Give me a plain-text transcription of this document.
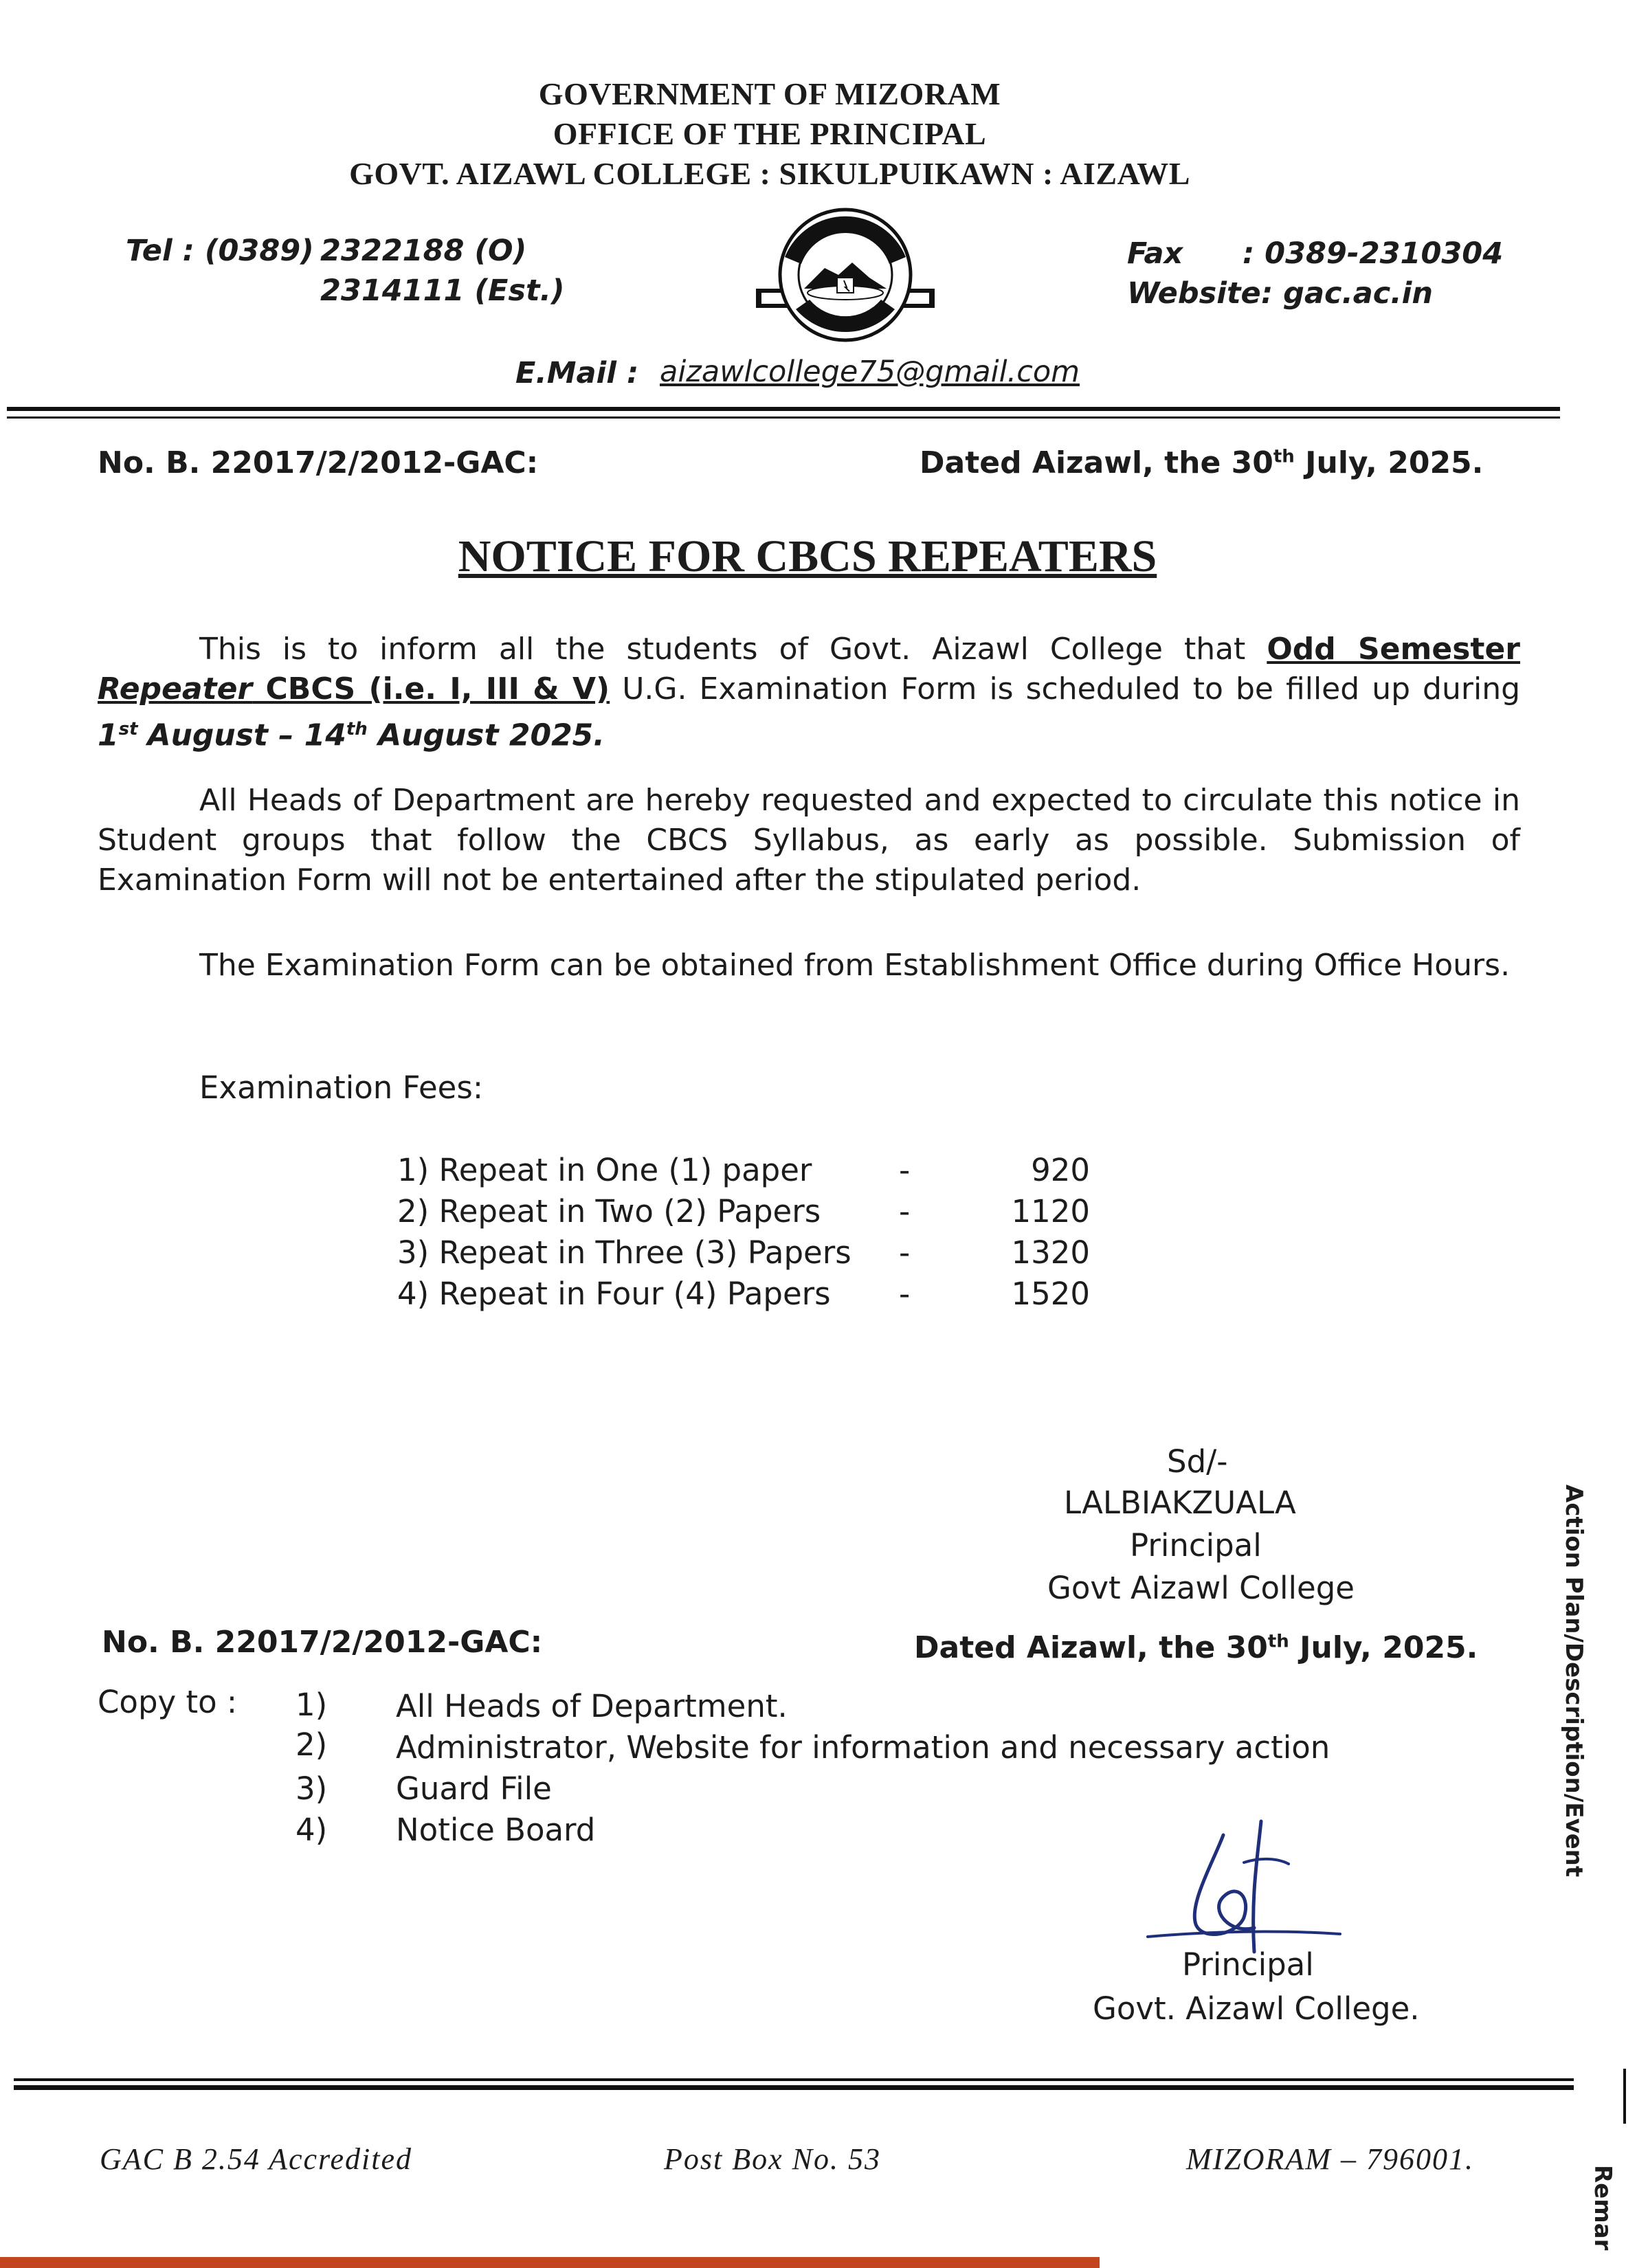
GOVERNMENT OF MIZORAM
OFFICE OF THE PRINCIPAL
GOVT. AIZAWL COLLEGE : SIKULPUIKAWN : AIZAWL
Tel : (0389) 2322188 (O)
2314111 (Est.)
Fax : 0389-2310304
Website : gac.ac.in
E.Mail : aizawlcollege75@gmail.com
No. B. 22017/2/2012-GAC:	Dated Aizawl, the 30th July, 2025.
NOTICE FOR CBCS REPEATERS
This is to inform all the students of Govt. Aizawl College that Odd Semester Repeater CBCS (i.e. I, III & V) U.G. Examination Form is scheduled to be filled up during 1st August – 14th August 2025.
All Heads of Department are hereby requested and expected to circulate this notice in Student groups that follow the CBCS Syllabus, as early as possible. Submission of Examination Form will not be entertained after the stipulated period.
The Examination Form can be obtained from Establishment Office during Office Hours.
Examination Fees:
1) Repeat in One (1) paper	-	920
2) Repeat in Two (2) Papers	-	1120
3) Repeat in Three (3) Papers -	1320
4) Repeat in Four (4) Papers -	1520
Sd/-
LALBIAKZUALA
Principal
Govt Aizawl College
No. B. 22017/2/2012-GAC:	Dated Aizawl, the 30th July, 2025.
Copy to : 1) All Heads of Department.
2) Administrator, Website for information and necessary action
3) Guard File
4) Notice Board
Principal
Govt. Aizawl College.
GAC B 2.54 Accredited	Post Box No. 53	MIZORAM – 796001.
Action Plan/Description/Event
Remar
